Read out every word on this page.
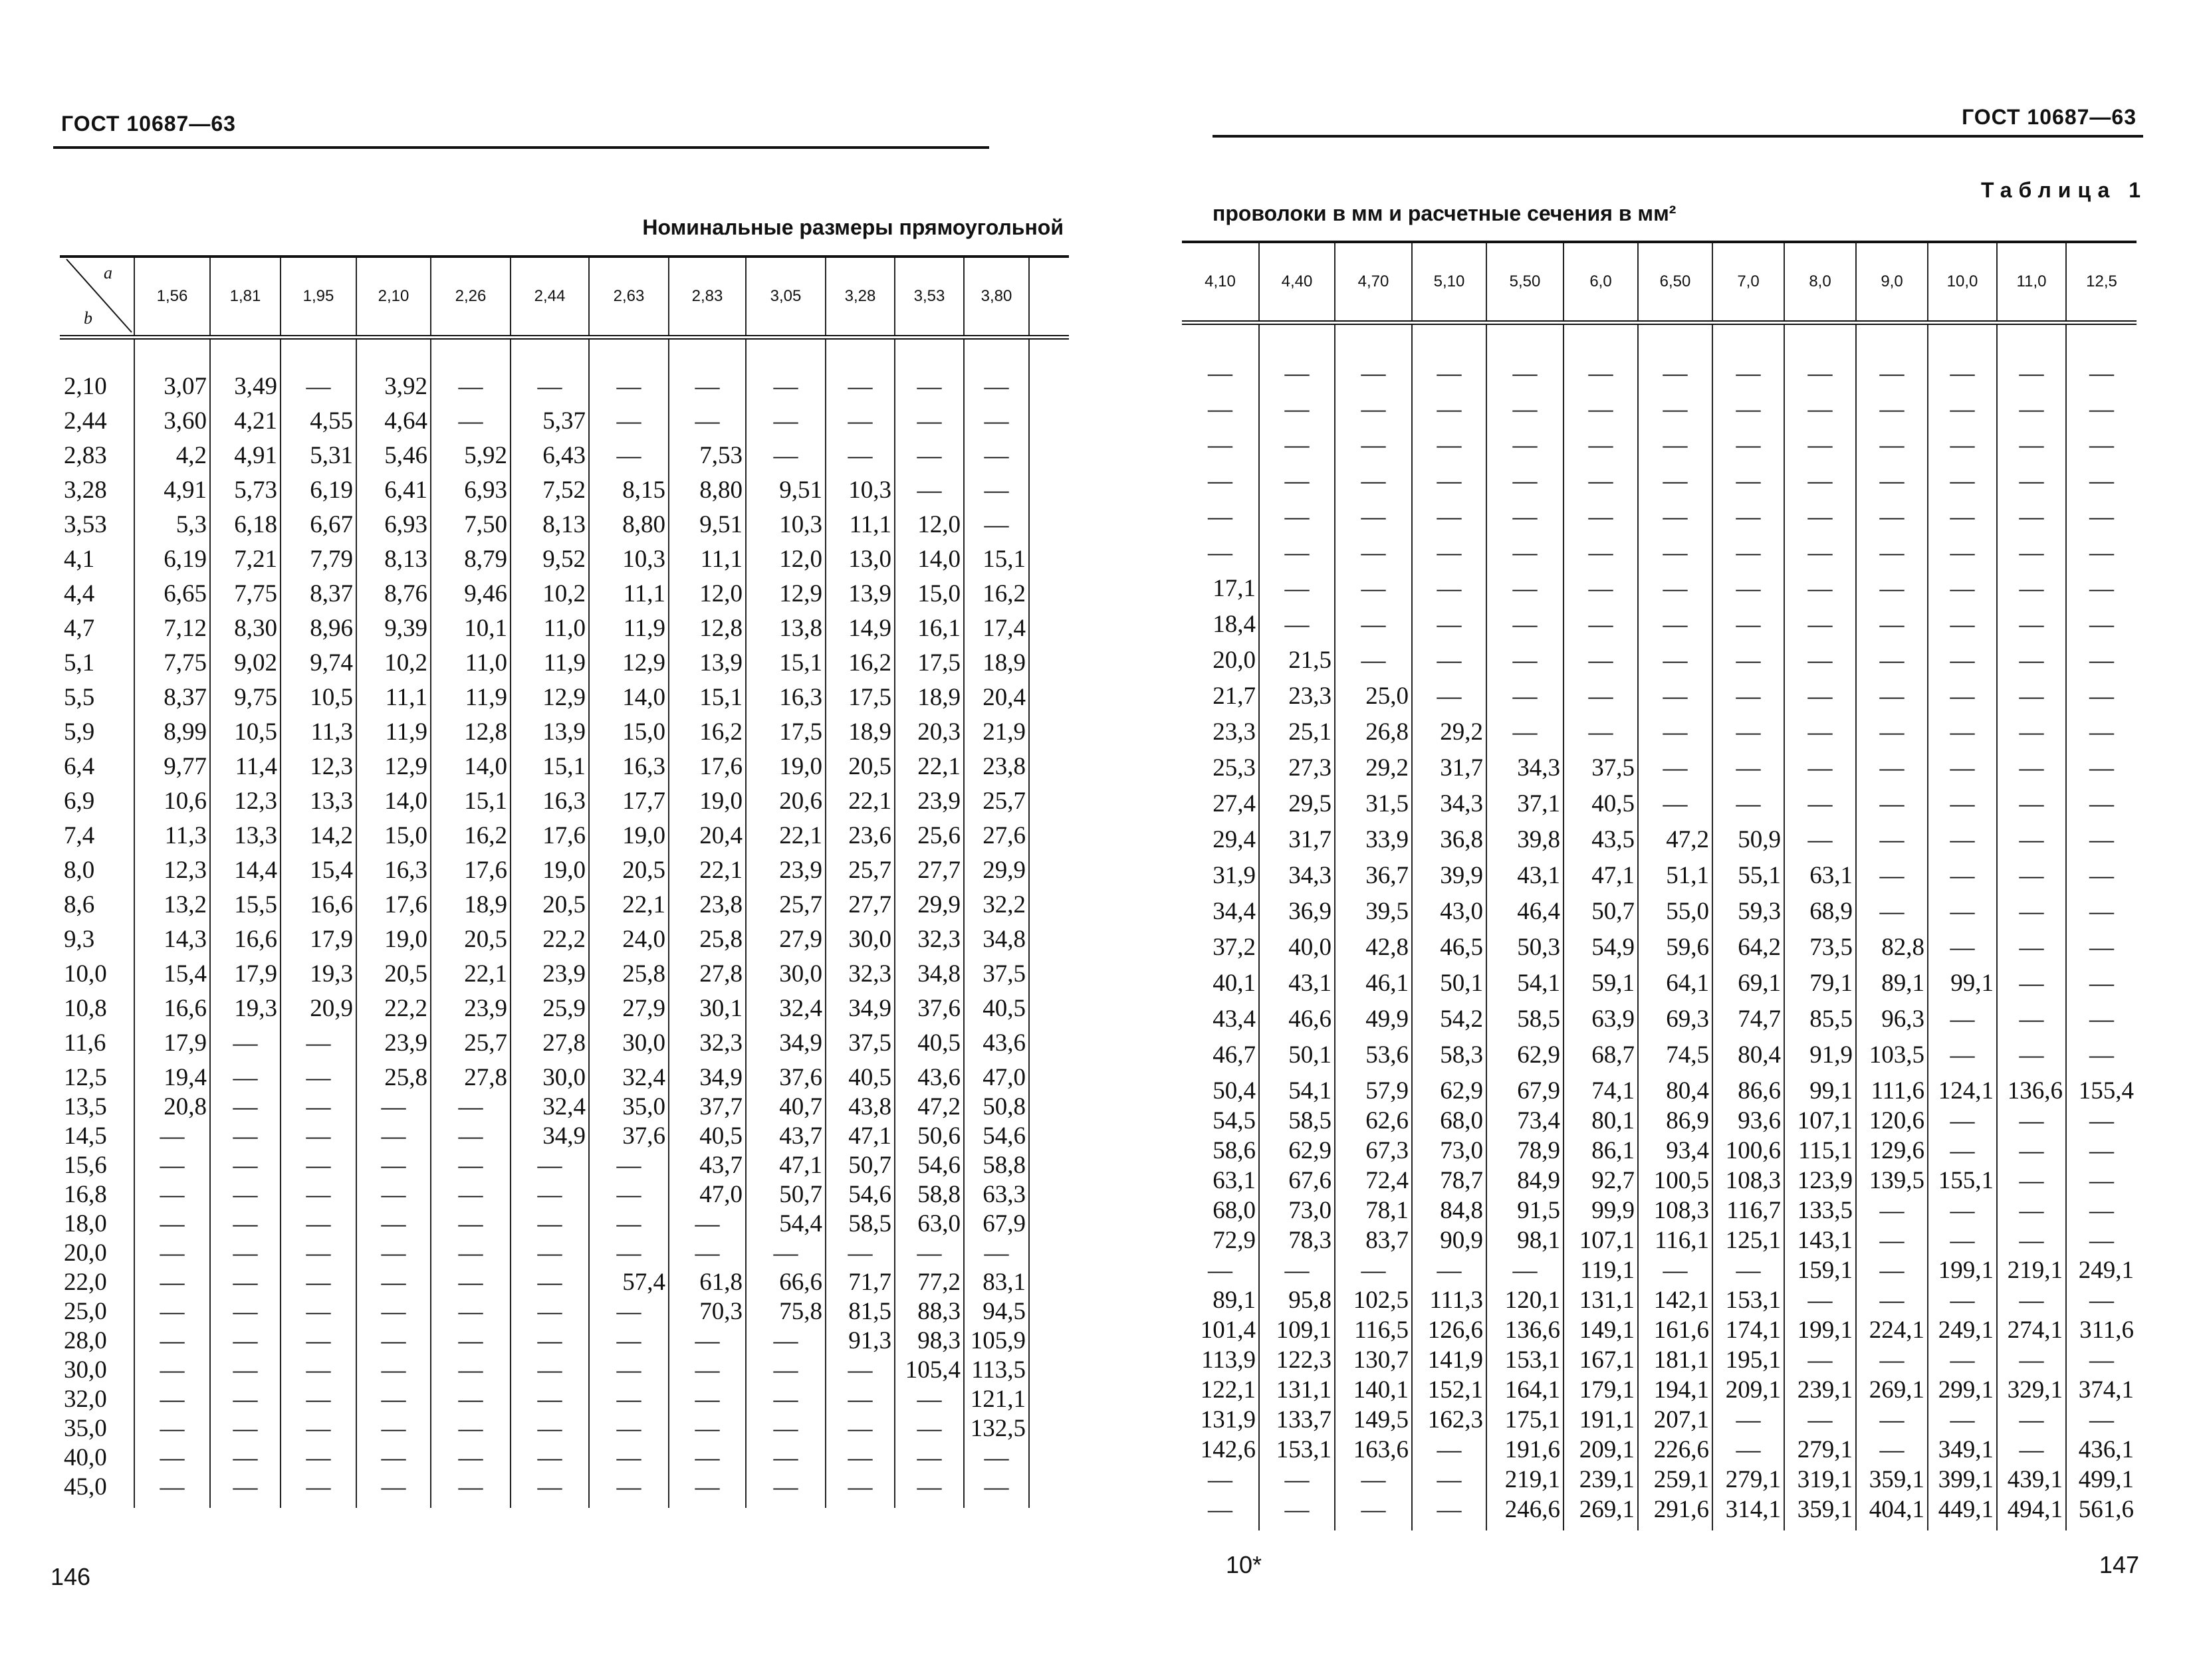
ГОСТ 10687—63
Номинальные размеры прямоугольной
a
b	1,56	1,81	1,95	2,10	2,26	2,44	2,63	2,83	3,05	3,28	3,53	3,80	
2,10	3,07	3,49	—	3,92	—	—	—	—	—	—	—	—	
2,44	3,60	4,21	4,55	4,64	—	5,37	—	—	—	—	—	—	
2,83	4,2	4,91	5,31	5,46	5,92	6,43	—	7,53	—	—	—	—	
3,28	4,91	5,73	6,19	6,41	6,93	7,52	8,15	8,80	9,51	10,3	—	—	
3,53	5,3	6,18	6,67	6,93	7,50	8,13	8,80	9,51	10,3	11,1	12,0	—	
4,1	6,19	7,21	7,79	8,13	8,79	9,52	10,3	11,1	12,0	13,0	14,0	15,1	
4,4	6,65	7,75	8,37	8,76	9,46	10,2	11,1	12,0	12,9	13,9	15,0	16,2	
4,7	7,12	8,30	8,96	9,39	10,1	11,0	11,9	12,8	13,8	14,9	16,1	17,4	
5,1	7,75	9,02	9,74	10,2	11,0	11,9	12,9	13,9	15,1	16,2	17,5	18,9	
5,5	8,37	9,75	10,5	11,1	11,9	12,9	14,0	15,1	16,3	17,5	18,9	20,4	
5,9	8,99	10,5	11,3	11,9	12,8	13,9	15,0	16,2	17,5	18,9	20,3	21,9	
6,4	9,77	11,4	12,3	12,9	14,0	15,1	16,3	17,6	19,0	20,5	22,1	23,8	
6,9	10,6	12,3	13,3	14,0	15,1	16,3	17,7	19,0	20,6	22,1	23,9	25,7	
7,4	11,3	13,3	14,2	15,0	16,2	17,6	19,0	20,4	22,1	23,6	25,6	27,6	
8,0	12,3	14,4	15,4	16,3	17,6	19,0	20,5	22,1	23,9	25,7	27,7	29,9	
8,6	13,2	15,5	16,6	17,6	18,9	20,5	22,1	23,8	25,7	27,7	29,9	32,2	
9,3	14,3	16,6	17,9	19,0	20,5	22,2	24,0	25,8	27,9	30,0	32,3	34,8	
10,0	15,4	17,9	19,3	20,5	22,1	23,9	25,8	27,8	30,0	32,3	34,8	37,5	
10,8	16,6	19,3	20,9	22,2	23,9	25,9	27,9	30,1	32,4	34,9	37,6	40,5	
11,6	17,9	—	—	23,9	25,7	27,8	30,0	32,3	34,9	37,5	40,5	43,6	
12,5	19,4	—	—	25,8	27,8	30,0	32,4	34,9	37,6	40,5	43,6	47,0	
13,5	20,8	—	—	—	—	32,4	35,0	37,7	40,7	43,8	47,2	50,8	
14,5	—	—	—	—	—	34,9	37,6	40,5	43,7	47,1	50,6	54,6	
15,6	—	—	—	—	—	—	—	43,7	47,1	50,7	54,6	58,8	
16,8	—	—	—	—	—	—	—	47,0	50,7	54,6	58,8	63,3	
18,0	—	—	—	—	—	—	—	—	54,4	58,5	63,0	67,9	
20,0	—	—	—	—	—	—	—	—	—	—	—	—	
22,0	—	—	—	—	—	—	57,4	61,8	66,6	71,7	77,2	83,1	
25,0	—	—	—	—	—	—	—	70,3	75,8	81,5	88,3	94,5	
28,0	—	—	—	—	—	—	—	—	—	91,3	98,3	105,9	
30,0	—	—	—	—	—	—	—	—	—	—	105,4	113,5	
32,0	—	—	—	—	—	—	—	—	—	—	—	121,1	
35,0	—	—	—	—	—	—	—	—	—	—	—	132,5	
40,0	—	—	—	—	—	—	—	—	—	—	—	—	
45,0	—	—	—	—	—	—	—	—	—	—	—	—	
146
ГОСТ 10687—63
Таблица 1
проволоки в мм и расчетные сечения в мм²
4,10	4,40	4,70	5,10	5,50	6,0	6,50	7,0	8,0	9,0	10,0	11,0	12,5
—	—	—	—	—	—	—	—	—	—	—	—	—
—	—	—	—	—	—	—	—	—	—	—	—	—
—	—	—	—	—	—	—	—	—	—	—	—	—
—	—	—	—	—	—	—	—	—	—	—	—	—
—	—	—	—	—	—	—	—	—	—	—	—	—
—	—	—	—	—	—	—	—	—	—	—	—	—
17,1	—	—	—	—	—	—	—	—	—	—	—	—
18,4	—	—	—	—	—	—	—	—	—	—	—	—
20,0	21,5	—	—	—	—	—	—	—	—	—	—	—
21,7	23,3	25,0	—	—	—	—	—	—	—	—	—	—
23,3	25,1	26,8	29,2	—	—	—	—	—	—	—	—	—
25,3	27,3	29,2	31,7	34,3	37,5	—	—	—	—	—	—	—
27,4	29,5	31,5	34,3	37,1	40,5	—	—	—	—	—	—	—
29,4	31,7	33,9	36,8	39,8	43,5	47,2	50,9	—	—	—	—	—
31,9	34,3	36,7	39,9	43,1	47,1	51,1	55,1	63,1	—	—	—	—
34,4	36,9	39,5	43,0	46,4	50,7	55,0	59,3	68,9	—	—	—	—
37,2	40,0	42,8	46,5	50,3	54,9	59,6	64,2	73,5	82,8	—	—	—
40,1	43,1	46,1	50,1	54,1	59,1	64,1	69,1	79,1	89,1	99,1	—	—
43,4	46,6	49,9	54,2	58,5	63,9	69,3	74,7	85,5	96,3	—	—	—
46,7	50,1	53,6	58,3	62,9	68,7	74,5	80,4	91,9	103,5	—	—	—
50,4	54,1	57,9	62,9	67,9	74,1	80,4	86,6	99,1	111,6	124,1	136,6	155,4
54,5	58,5	62,6	68,0	73,4	80,1	86,9	93,6	107,1	120,6	—	—	—
58,6	62,9	67,3	73,0	78,9	86,1	93,4	100,6	115,1	129,6	—	—	—
63,1	67,6	72,4	78,7	84,9	92,7	100,5	108,3	123,9	139,5	155,1	—	—
68,0	73,0	78,1	84,8	91,5	99,9	108,3	116,7	133,5	—	—	—	—
72,9	78,3	83,7	90,9	98,1	107,1	116,1	125,1	143,1	—	—	—	—
—	—	—	—	—	119,1	—	—	159,1	—	199,1	219,1	249,1
89,1	95,8	102,5	111,3	120,1	131,1	142,1	153,1	—	—	—	—	—
101,4	109,1	116,5	126,6	136,6	149,1	161,6	174,1	199,1	224,1	249,1	274,1	311,6
113,9	122,3	130,7	141,9	153,1	167,1	181,1	195,1	—	—	—	—	—
122,1	131,1	140,1	152,1	164,1	179,1	194,1	209,1	239,1	269,1	299,1	329,1	374,1
131,9	133,7	149,5	162,3	175,1	191,1	207,1	—	—	—	—	—	—
142,6	153,1	163,6	—	191,6	209,1	226,6	—	279,1	—	349,1	—	436,1
—	—	—	—	219,1	239,1	259,1	279,1	319,1	359,1	399,1	439,1	499,1
—	—	—	—	246,6	269,1	291,6	314,1	359,1	404,1	449,1	494,1	561,6
10*	147
